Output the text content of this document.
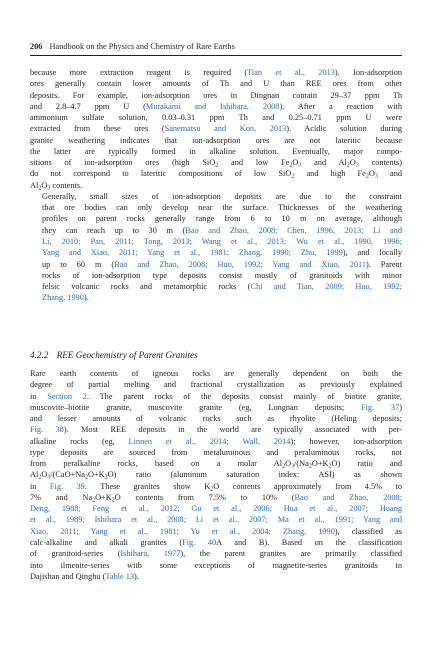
206 Handbook on the Physics and Chemistry of Rare Earths

because more extraction reagent is required (Tian et al., 2013). Ion-adsorption
ores generally contain lower amounts of Th and U than REE ores from other
deposits. For example, ion-adsorption ores in Dingnan contain 29–37 ppm Th
and 2.8–4.7 ppm U (Murakami and Ishihara, 2008). After a reaction with
ammonium sulfate solution, 0.03–0.31 ppm Th and 0.25–0.71 ppm U were
extracted from these ores (Sanematsu and Kon, 2013). Acidic solution during
granite weathering indicates that ion-adsorption ores are not lateritic because
the latter are typically formed in alkaline solution. Eventually, major compo-
sitions of ion-adsorption ores (high SiO$_2$ and low $Fe_2O_3$ and $Al_2O_3$ contents)
do not correspond to lateritic compositions of low SiO$_2$ and high $Fe_2O_3$ and
$Al_2O_3$ contents.

Generally, small sizes of ion-adsorption deposits are due to the constraint
that ore bodies can only develop near the surface. Thicknesses of the weathering
profiles on parent rocks generally range from 6 to 10 m on average, although
they can reach up to 30 m (Bao and Zhao, 2008; Chen, 1996, 2013; Li and
Li, 2010; Pan, 2011; Tong, 2013; Wang et al., 2013; Wu et al., 1990, 1996;
Yang and Xiao, 2011; Yang et al., 1981; Zhang, 1990; Zhu, 1999), and locally
up to 60 m (Bao and Zhao, 2008; Huo, 1992; Yang and Xiao, 2011). Parent
rocks of ion-adsorption type deposits consist mostly of granitoids with minor
felsic volcanic rocks and metamorphic rocks (Chi and Tian, 2009; Huo, 1992;
Zhang, 1990).

4.2.2 REE Geochemistry of Parent Granites

Rare earth contents of igneous rocks are generally dependent on both the
degree of partial melting and fractional crystallization as previously explained
in Section 2. The parent rocks of the deposits consist mainly of biotite granite,
muscovite–biotite granite, muscovite granite (eg, Longnan deposits; Fig. 37)
and lesser amounts of volcanic rocks such as rhyolite (Heling deposits;
Fig. 38). Most REE deposits in the world are typically associated with per-
alkaline rocks (eg, Linnen et al., 2014; Wall, 2014); however, ion-adsorption
type deposits are sourced from metaluminous and peraluminous rocks, not
from peralkaline rocks, based on a molar $Al_2O_3/(Na_2O+K_2O)$ ratio and
$Al_2O_3/(CaO+Na_2O+K_2O)$ ratio (aluminum saturation index: ASI) as shown
in Fig. 39. These granites show $K_2O$ contents approximately from 4.5% to
7% and $Na_2O+K_2O$ contents from 7.5% to 10% (Bao and Zhao, 2008;
Deng, 1988; Feng et al., 2012; Gu et al., 2006; Hua et al., 2007; Huang
et al., 1989; Ishihara et al., 2008; Li et al., 2007; Ma et al., 1991; Yang and
Xiao, 2011; Yang et al., 1981; Yu et al., 2004; Zhang, 1990), classified as
calc-alkaline and alkali granites (Fig. 40A and B). Based on the classification
of granitoid-series (Ishihara, 1977), the parent granites are primarily classified
into ilmenite-series with some exceptions of magnetite-series granitoids in
Dajishan and Qinghu (Table 13).
